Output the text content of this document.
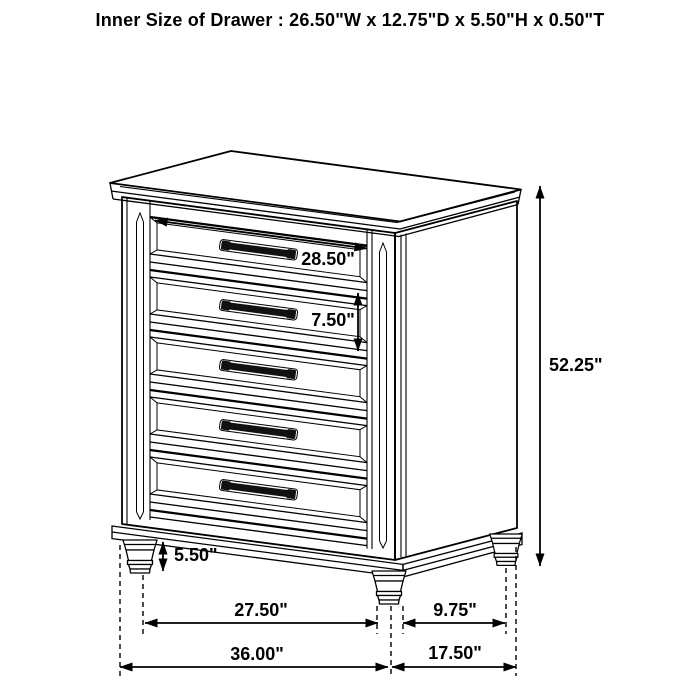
Inner Size of Drawer : 26.50"W x 12.75"D x 5.50"H x 0.50"T
28.50"
7.50"
52.25"
5.50"
27.50"	9.75"
36.00"	17.50"
